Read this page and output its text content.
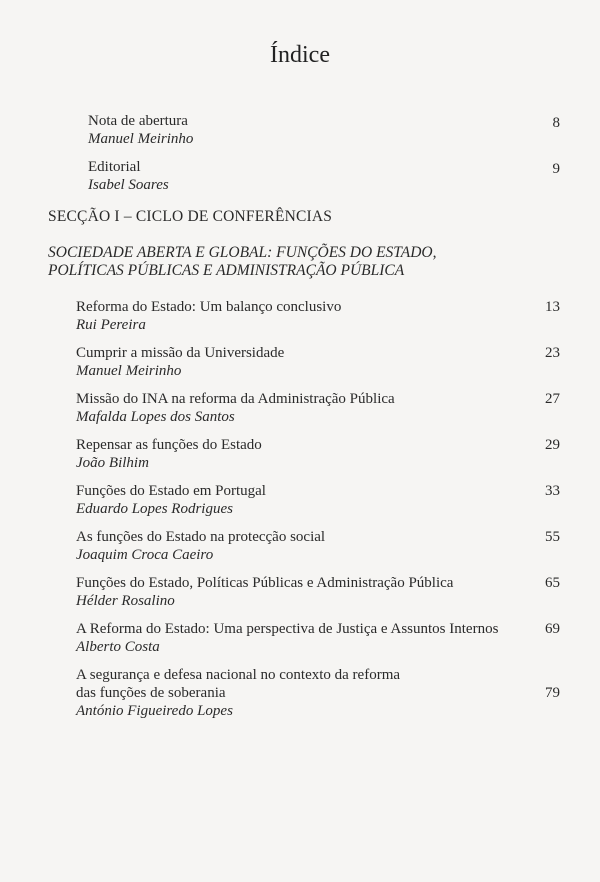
Índice
Nota de abertura
Manuel Meirinho
8
Editorial
Isabel Soares
9
SECÇÃO I – CICLO DE CONFERÊNCIAS
SOCIEDADE ABERTA E GLOBAL: FUNÇÕES DO ESTADO,
POLÍTICAS PÚBLICAS E ADMINISTRAÇÃO PÚBLICA
Reforma do Estado: Um balanço conclusivo
Rui Pereira
13
Cumprir a missão da Universidade
Manuel Meirinho
23
Missão do INA na reforma da Administração Pública
Mafalda Lopes dos Santos
27
Repensar as funções do Estado
João Bilhim
29
Funções do Estado em Portugal
Eduardo Lopes Rodrigues
33
As funções do Estado na protecção social
Joaquim Croca Caeiro
55
Funções do Estado, Políticas Públicas e Administração Pública
Hélder Rosalino
65
A Reforma do Estado: Uma perspectiva de Justiça e Assuntos Internos
Alberto Costa
69
A segurança e defesa nacional no contexto da reforma
das funções de soberania
António Figueiredo Lopes
79
